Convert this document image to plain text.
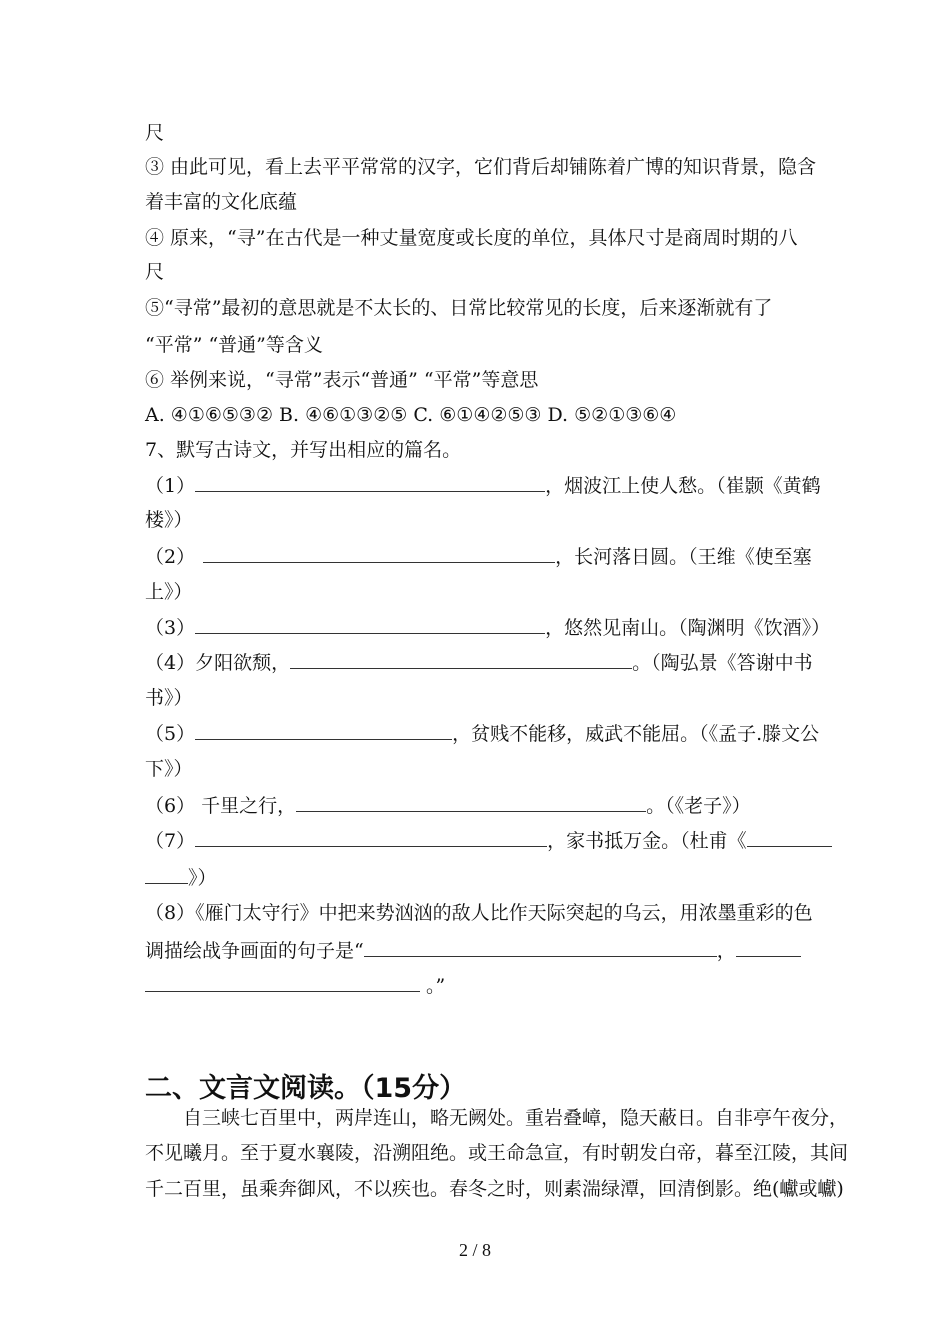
尺
③ 由此可见，看上去平平常常的汉字，它们背后却铺陈着广博的知识背景，隐含
着丰富的文化底蕴
④ 原来，“寻”在古代是一种丈量宽度或长度的单位，具体尺寸是商周时期的八
尺
⑤“寻常”最初的意思就是不太长的、日常比较常见的长度，后来逐渐就有了
“平常” “普通”等含义
⑥ 举例来说，“寻常”表示“普通” “平常”等意思
A. ④①⑥⑤③② B. ④⑥①③②⑤ C. ⑥①④②⑤③ D. ⑤②①③⑥④
7、默写古诗文，并写出相应的篇名。
（1）	，烟波江上使人愁。（崔颢《黄鹤
楼》）
（2）	，长河落日圆。（王维《使至塞
上》）
（3）	，悠然见南山。（陶渊明《饮酒》）
（4）夕阳欲颓，	。（陶弘景《答谢中书
书》）
（5）	，贫贱不能移，威武不能屈。（《孟子.滕文公
下》）
（6） 千里之行，	。（《老子》）
（7）	，家书抵万金。（杜甫《
》）
（8）《雁门太守行》中把来势汹汹的敌人比作天际突起的乌云，用浓墨重彩的色
调描绘战争画面的句子是“	，
。”
二、文言文阅读。（15分）
　　自三峡七百里中，两岸连山，略无阙处。重岩叠嶂，隐天蔽日。自非亭午夜分，
不见曦月。至于夏水襄陵，沿溯阻绝。或王命急宣，有时朝发白帝，暮至江陵，其间
千二百里，虽乘奔御风，不以疾也。春冬之时，则素湍绿潭，回清倒影。绝(巘或巘)
2 / 8
